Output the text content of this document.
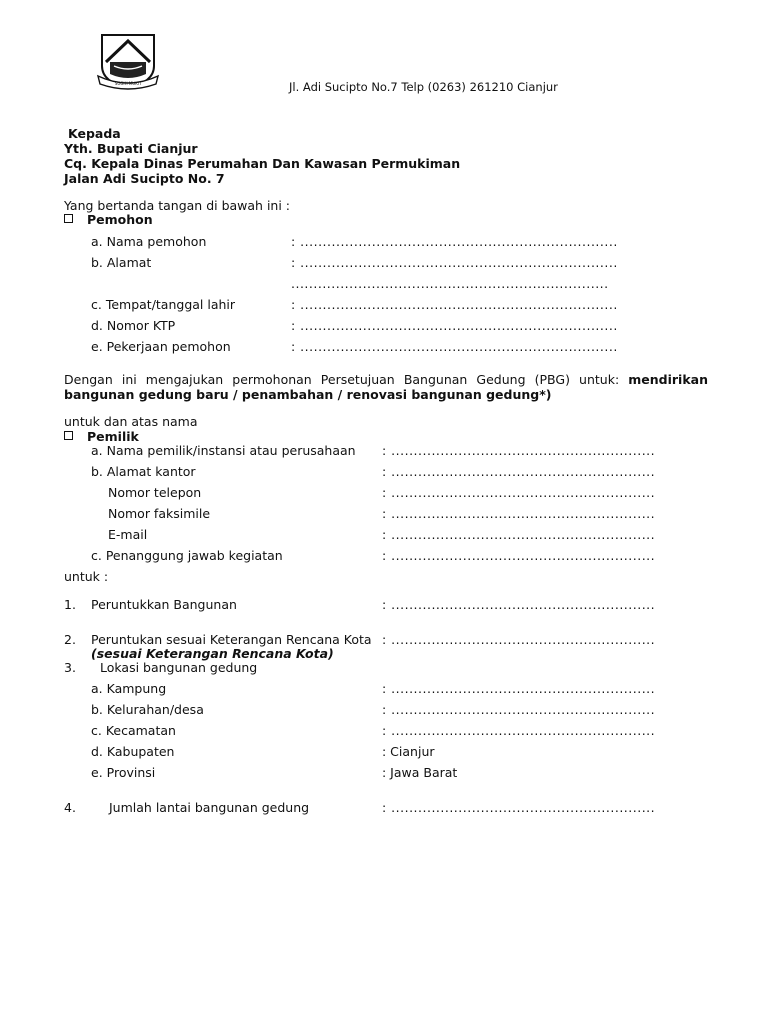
SUGIH MUKTI	Jl. Adi Sucipto No.7 Telp (0263) 261210 Cianjur
Kepada
Yth. Bupati Cianjur
Cq. Kepala Dinas Perumahan Dan Kawasan Permukiman
Jalan Adi Sucipto No. 7
Yang bertanda tangan di bawah ini :
Pemohon
a. Nama pemohon	: .......................................................................
b. Alamat	: .......................................................................
.......................................................................
c. Tempat/tanggal lahir	: .......................................................................
d. Nomor KTP	: .......................................................................
e. Pekerjaan pemohon	: .......................................................................
Dengan ini mengajukan permohonan Persetujuan Bangunan Gedung (PBG) untuk: mendirikan bangunan gedung baru / penambahan / renovasi bangunan gedung*)
untuk dan atas nama
Pemilik
a. Nama pemilik/instansi atau perusahaan : ...........................................................
b. Alamat kantor	: ...........................................................
Nomor telepon	: ...........................................................
Nomor faksimile	: ...........................................................
E-mail	: ...........................................................
c. Penanggung jawab kegiatan	: ...........................................................
untuk :
1. Peruntukkan Bangunan	: ...........................................................
2. Peruntukan sesuai Keterangan Rencana Kota : ...........................................................
(sesuai Keterangan Rencana Kota)
3. Lokasi bangunan gedung
a. Kampung	: ...........................................................
b. Kelurahan/desa	: ...........................................................
c. Kecamatan	: ...........................................................
d. Kabupaten	: Cianjur
e. Provinsi	: Jawa Barat
4.	Jumlah lantai bangunan gedung	: ...........................................................
